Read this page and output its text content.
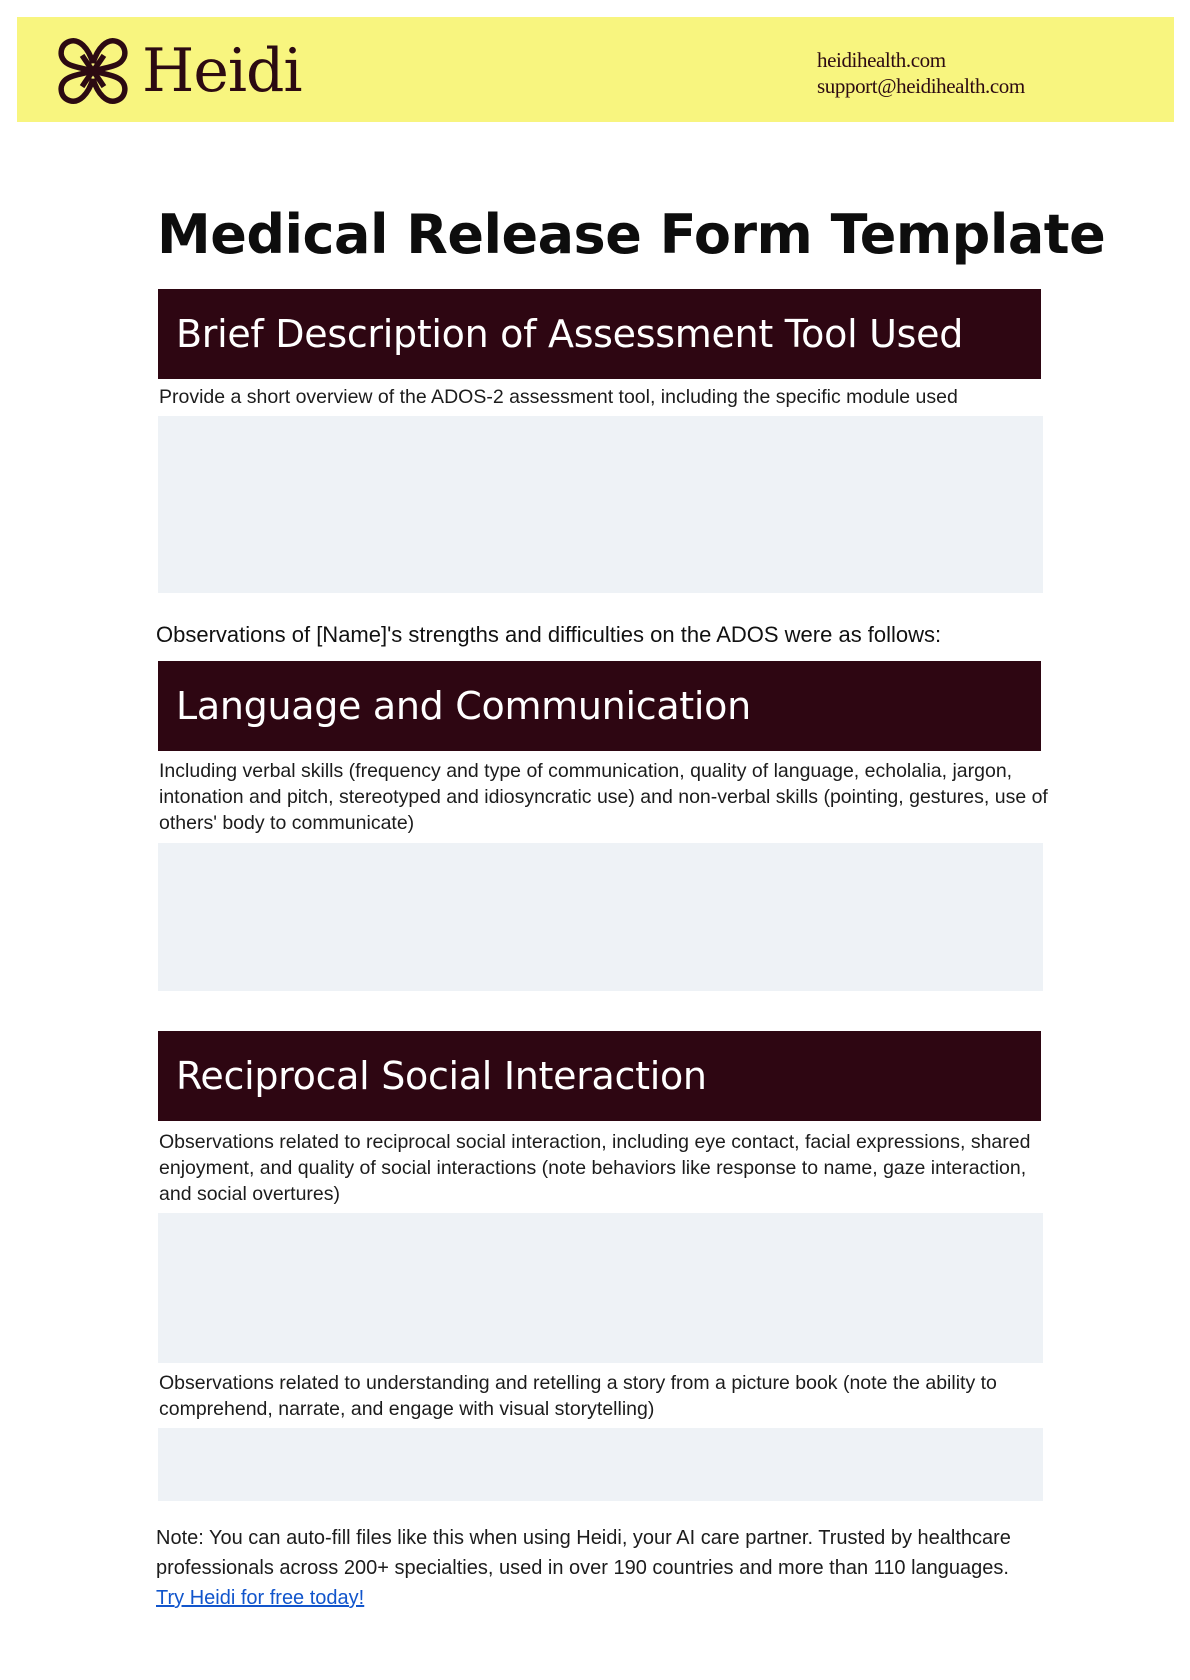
Heidi	heidihealth.com
support@heidihealth.com
Medical Release Form Template
Brief Description of Assessment Tool Used

Provide a short overview of the ADOS-2 assessment tool, including the specific module used

Observations of [Name]'s strengths and difficulties on the ADOS were as follows:

Language and Communication

Including verbal skills (frequency and type of communication, quality of language, echolalia, jargon, intonation and pitch, stereotyped and idiosyncratic use) and non-verbal skills (pointing, gestures, use of others' body to communicate)

Reciprocal Social Interaction

Observations related to reciprocal social interaction, including eye contact, facial expressions, shared enjoyment, and quality of social interactions (note behaviors like response to name, gaze interaction, and social overtures)

Observations related to understanding and retelling a story from a picture book (note the ability to comprehend, narrate, and engage with visual storytelling)

Note: You can auto-fill files like this when using Heidi, your AI care partner. Trusted by healthcare professionals across 200+ specialties, used in over 190 countries and more than 110 languages.

Try Heidi for free today!
